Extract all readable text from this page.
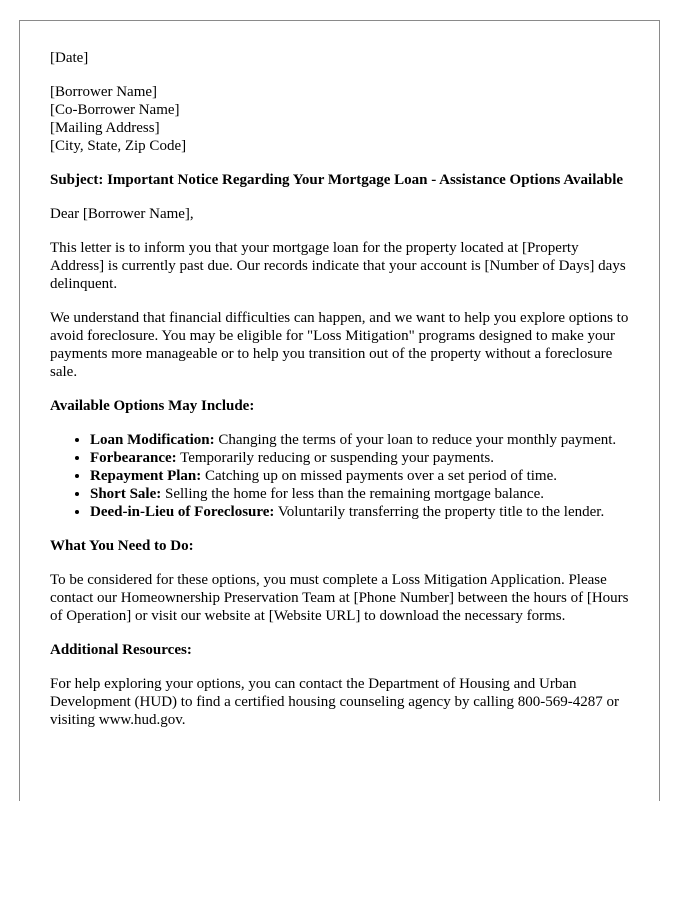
[Date]

[Borrower Name]
[Co-Borrower Name]
[Mailing Address]
[City, State, Zip Code]

Subject: Important Notice Regarding Your Mortgage Loan - Assistance Options Available

Dear [Borrower Name],

This letter is to inform you that your mortgage loan for the property located at [Property Address] is currently past due. Our records indicate that your account is [Number of Days] days delinquent.

We understand that financial difficulties can happen, and we want to help you explore options to avoid foreclosure. You may be eligible for "Loss Mitigation" programs designed to make your payments more manageable or to help you transition out of the property without a foreclosure sale.

Available Options May Include:
• Loan Modification: Changing the terms of your loan to reduce your monthly payment.
• Forbearance: Temporarily reducing or suspending your payments.
• Repayment Plan: Catching up on missed payments over a set period of time.
• Short Sale: Selling the home for less than the remaining mortgage balance.
• Deed-in-Lieu of Foreclosure: Voluntarily transferring the property title to the lender.
What You Need to Do:

To be considered for these options, you must complete a Loss Mitigation Application. Please contact our Homeownership Preservation Team at [Phone Number] between the hours of [Hours of Operation] or visit our website at [Website URL] to download the necessary forms.

Additional Resources:

For help exploring your options, you can contact the Department of Housing and Urban Development (HUD) to find a certified housing counseling agency by calling 800-569-4287 or visiting www.hud.gov.
